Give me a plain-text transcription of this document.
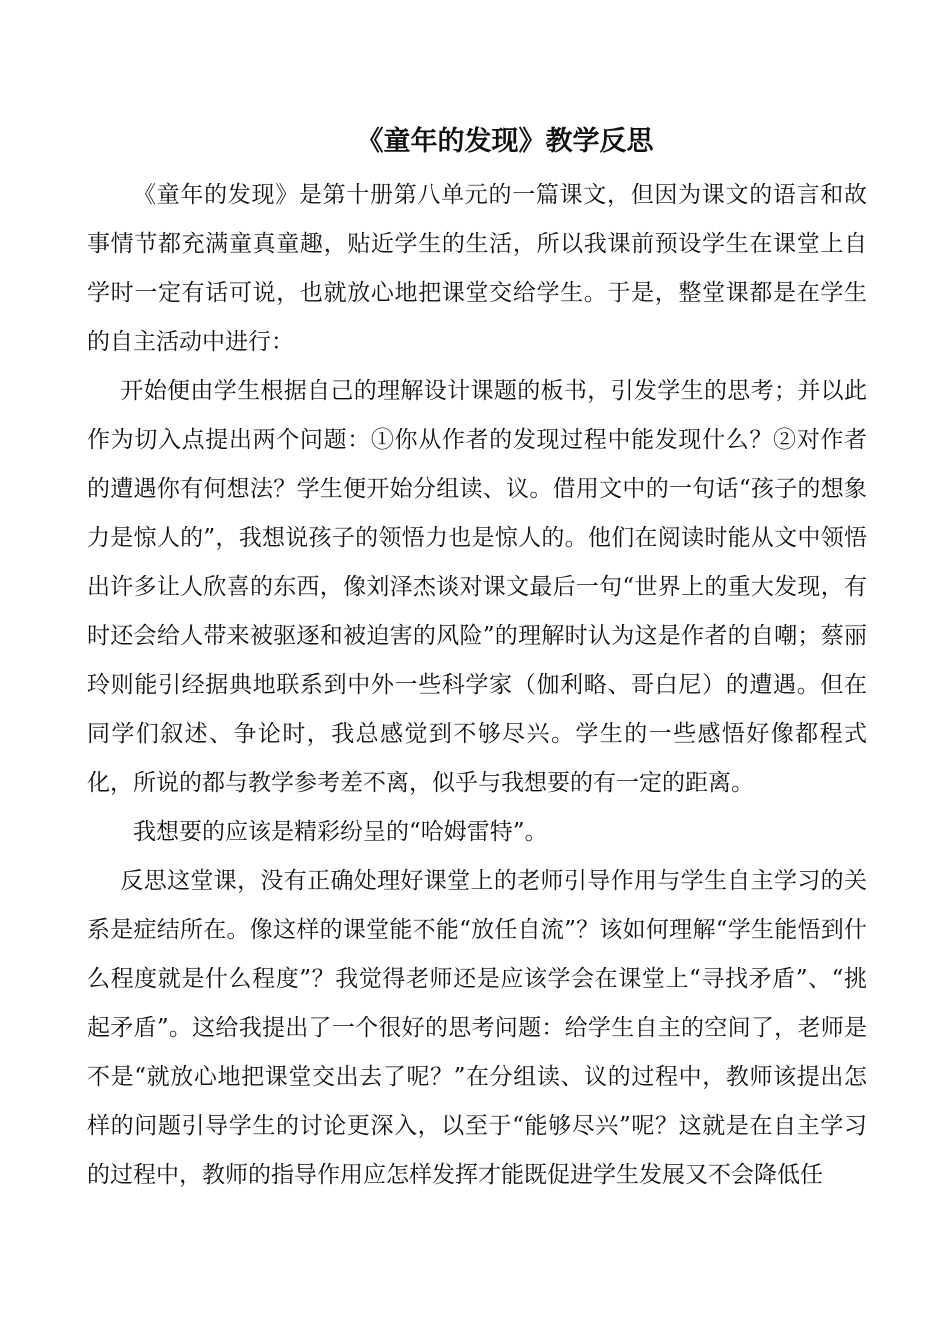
《童年的发现》教学反思

《童年的发现》是第十册第八单元的一篇课文，但因为课文的语言和故事情节都充满童真童趣，贴近学生的生活，所以我课前预设学生在课堂上自学时一定有话可说，也就放心地把课堂交给学生。于是，整堂课都是在学生的自主活动中进行：

开始便由学生根据自己的理解设计课题的板书，引发学生的思考；并以此作为切入点提出两个问题：①你从作者的发现过程中能发现什么？②对作者的遭遇你有何想法？学生便开始分组读、议。借用文中的一句话“孩子的想象力是惊人的”，我想说孩子的领悟力也是惊人的。他们在阅读时能从文中领悟出许多让人欣喜的东西，像刘泽杰谈对课文最后一句“世界上的重大发现，有时还会给人带来被驱逐和被迫害的风险”的理解时认为这是作者的自嘲；蔡丽玲则能引经据典地联系到中外一些科学家（伽利略、哥白尼）的遭遇。但在同学们叙述、争论时，我总感觉到不够尽兴。学生的一些感悟好像都程式化，所说的都与教学参考差不离，似乎与我想要的有一定的距离。

我想要的应该是精彩纷呈的“哈姆雷特”。

反思这堂课，没有正确处理好课堂上的老师引导作用与学生自主学习的关系是症结所在。像这样的课堂能不能“放任自流”？该如何理解“学生能悟到什么程度就是什么程度”？我觉得老师还是应该学会在课堂上“寻找矛盾”、“挑起矛盾”。这给我提出了一个很好的思考问题：给学生自主的空间了，老师是不是“就放心地把课堂交出去了呢？”在分组读、议的过程中，教师该提出怎样的问题引导学生的讨论更深入，以至于“能够尽兴”呢？这就是在自主学习的过程中，教师的指导作用应怎样发挥才能既促进学生发展又不会降低任
